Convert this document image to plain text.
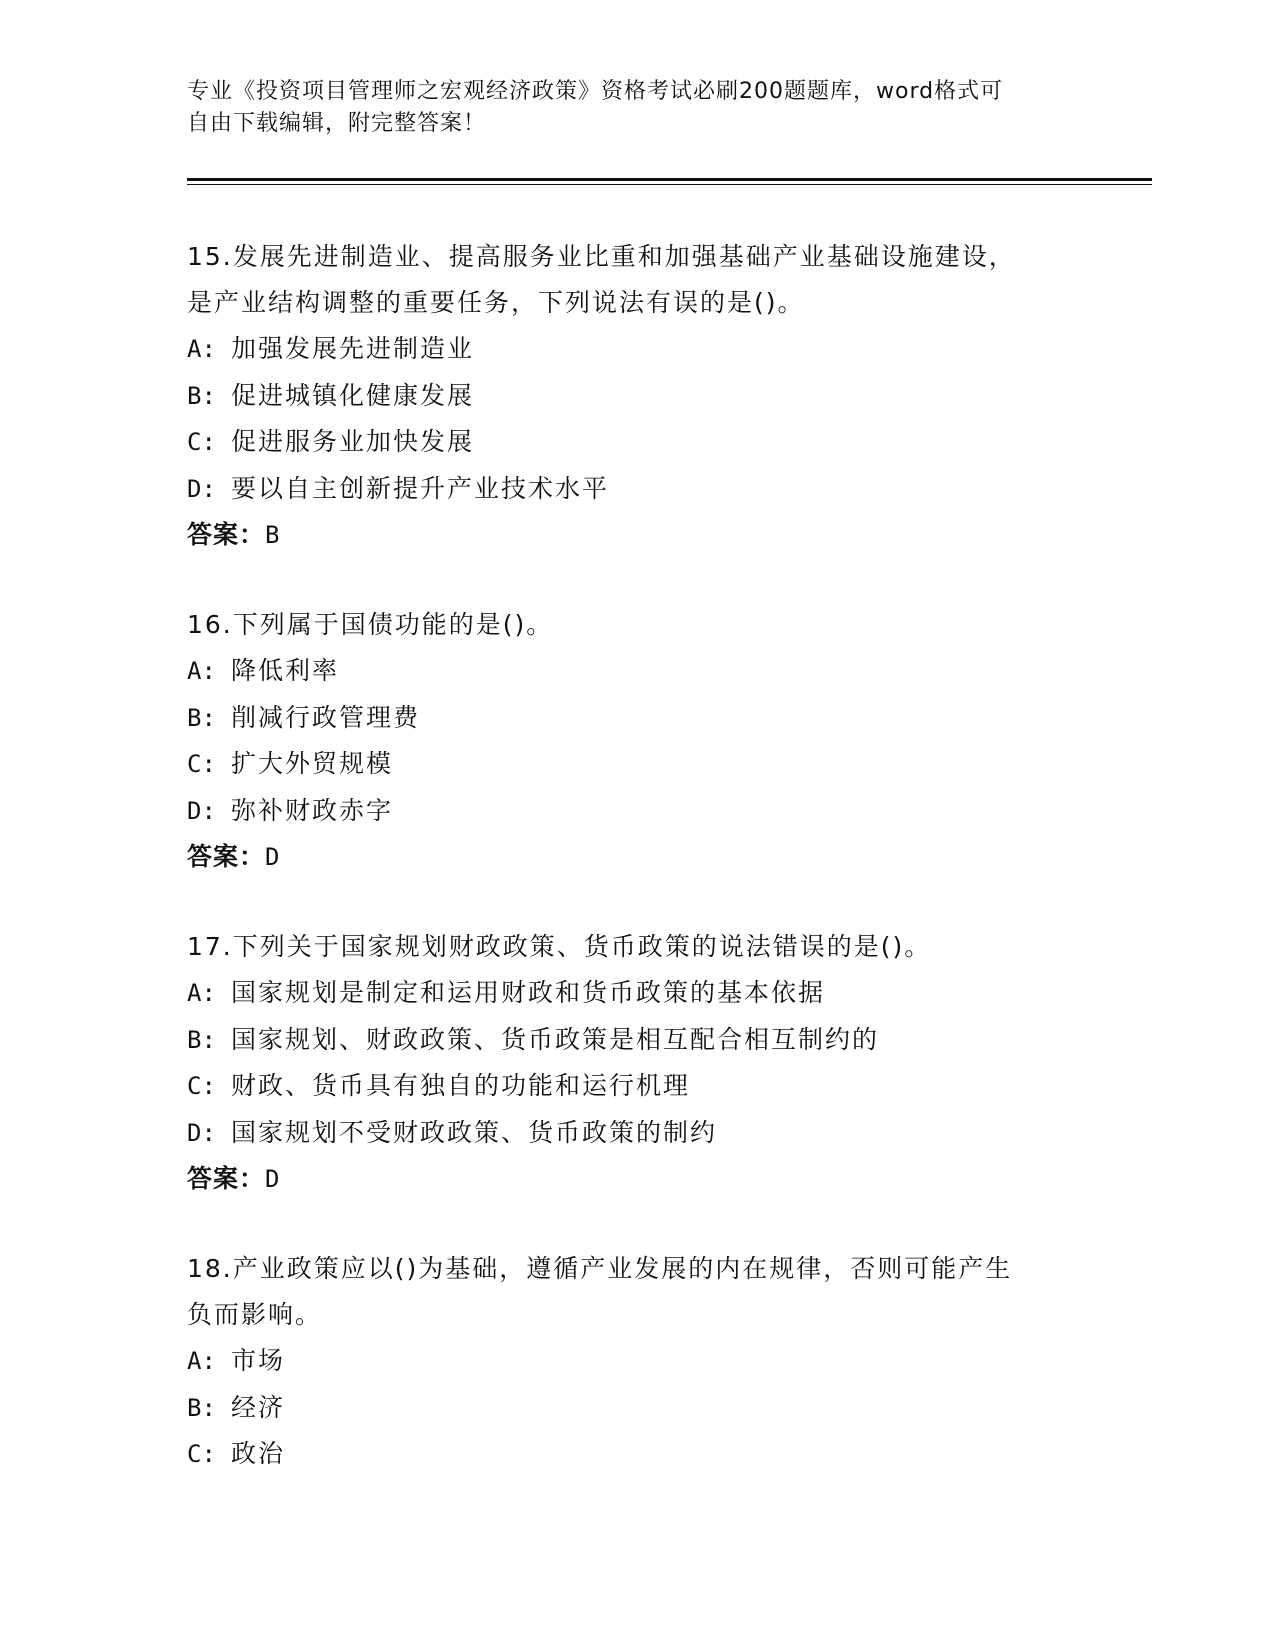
专业《投资项目管理师之宏观经济政策》资格考试必刷200题题库，word格式可
自由下载编辑，附完整答案！
15.发展先进制造业、提高服务业比重和加强基础产业基础设施建设，
是产业结构调整的重要任务，下列说法有误的是()。
A: 加强发展先进制造业
B: 促进城镇化健康发展
C: 促进服务业加快发展
D: 要以自主创新提升产业技术水平
答案：B
16.下列属于国债功能的是()。
A: 降低利率
B: 削减行政管理费
C: 扩大外贸规模
D: 弥补财政赤字
答案：D
17.下列关于国家规划财政政策、货币政策的说法错误的是()。
A: 国家规划是制定和运用财政和货币政策的基本依据
B: 国家规划、财政政策、货币政策是相互配合相互制约的
C: 财政、货币具有独自的功能和运行机理
D: 国家规划不受财政政策、货币政策的制约
答案：D
18.产业政策应以()为基础，遵循产业发展的内在规律，否则可能产生
负而影响。
A: 市场
B: 经济
C: 政治
